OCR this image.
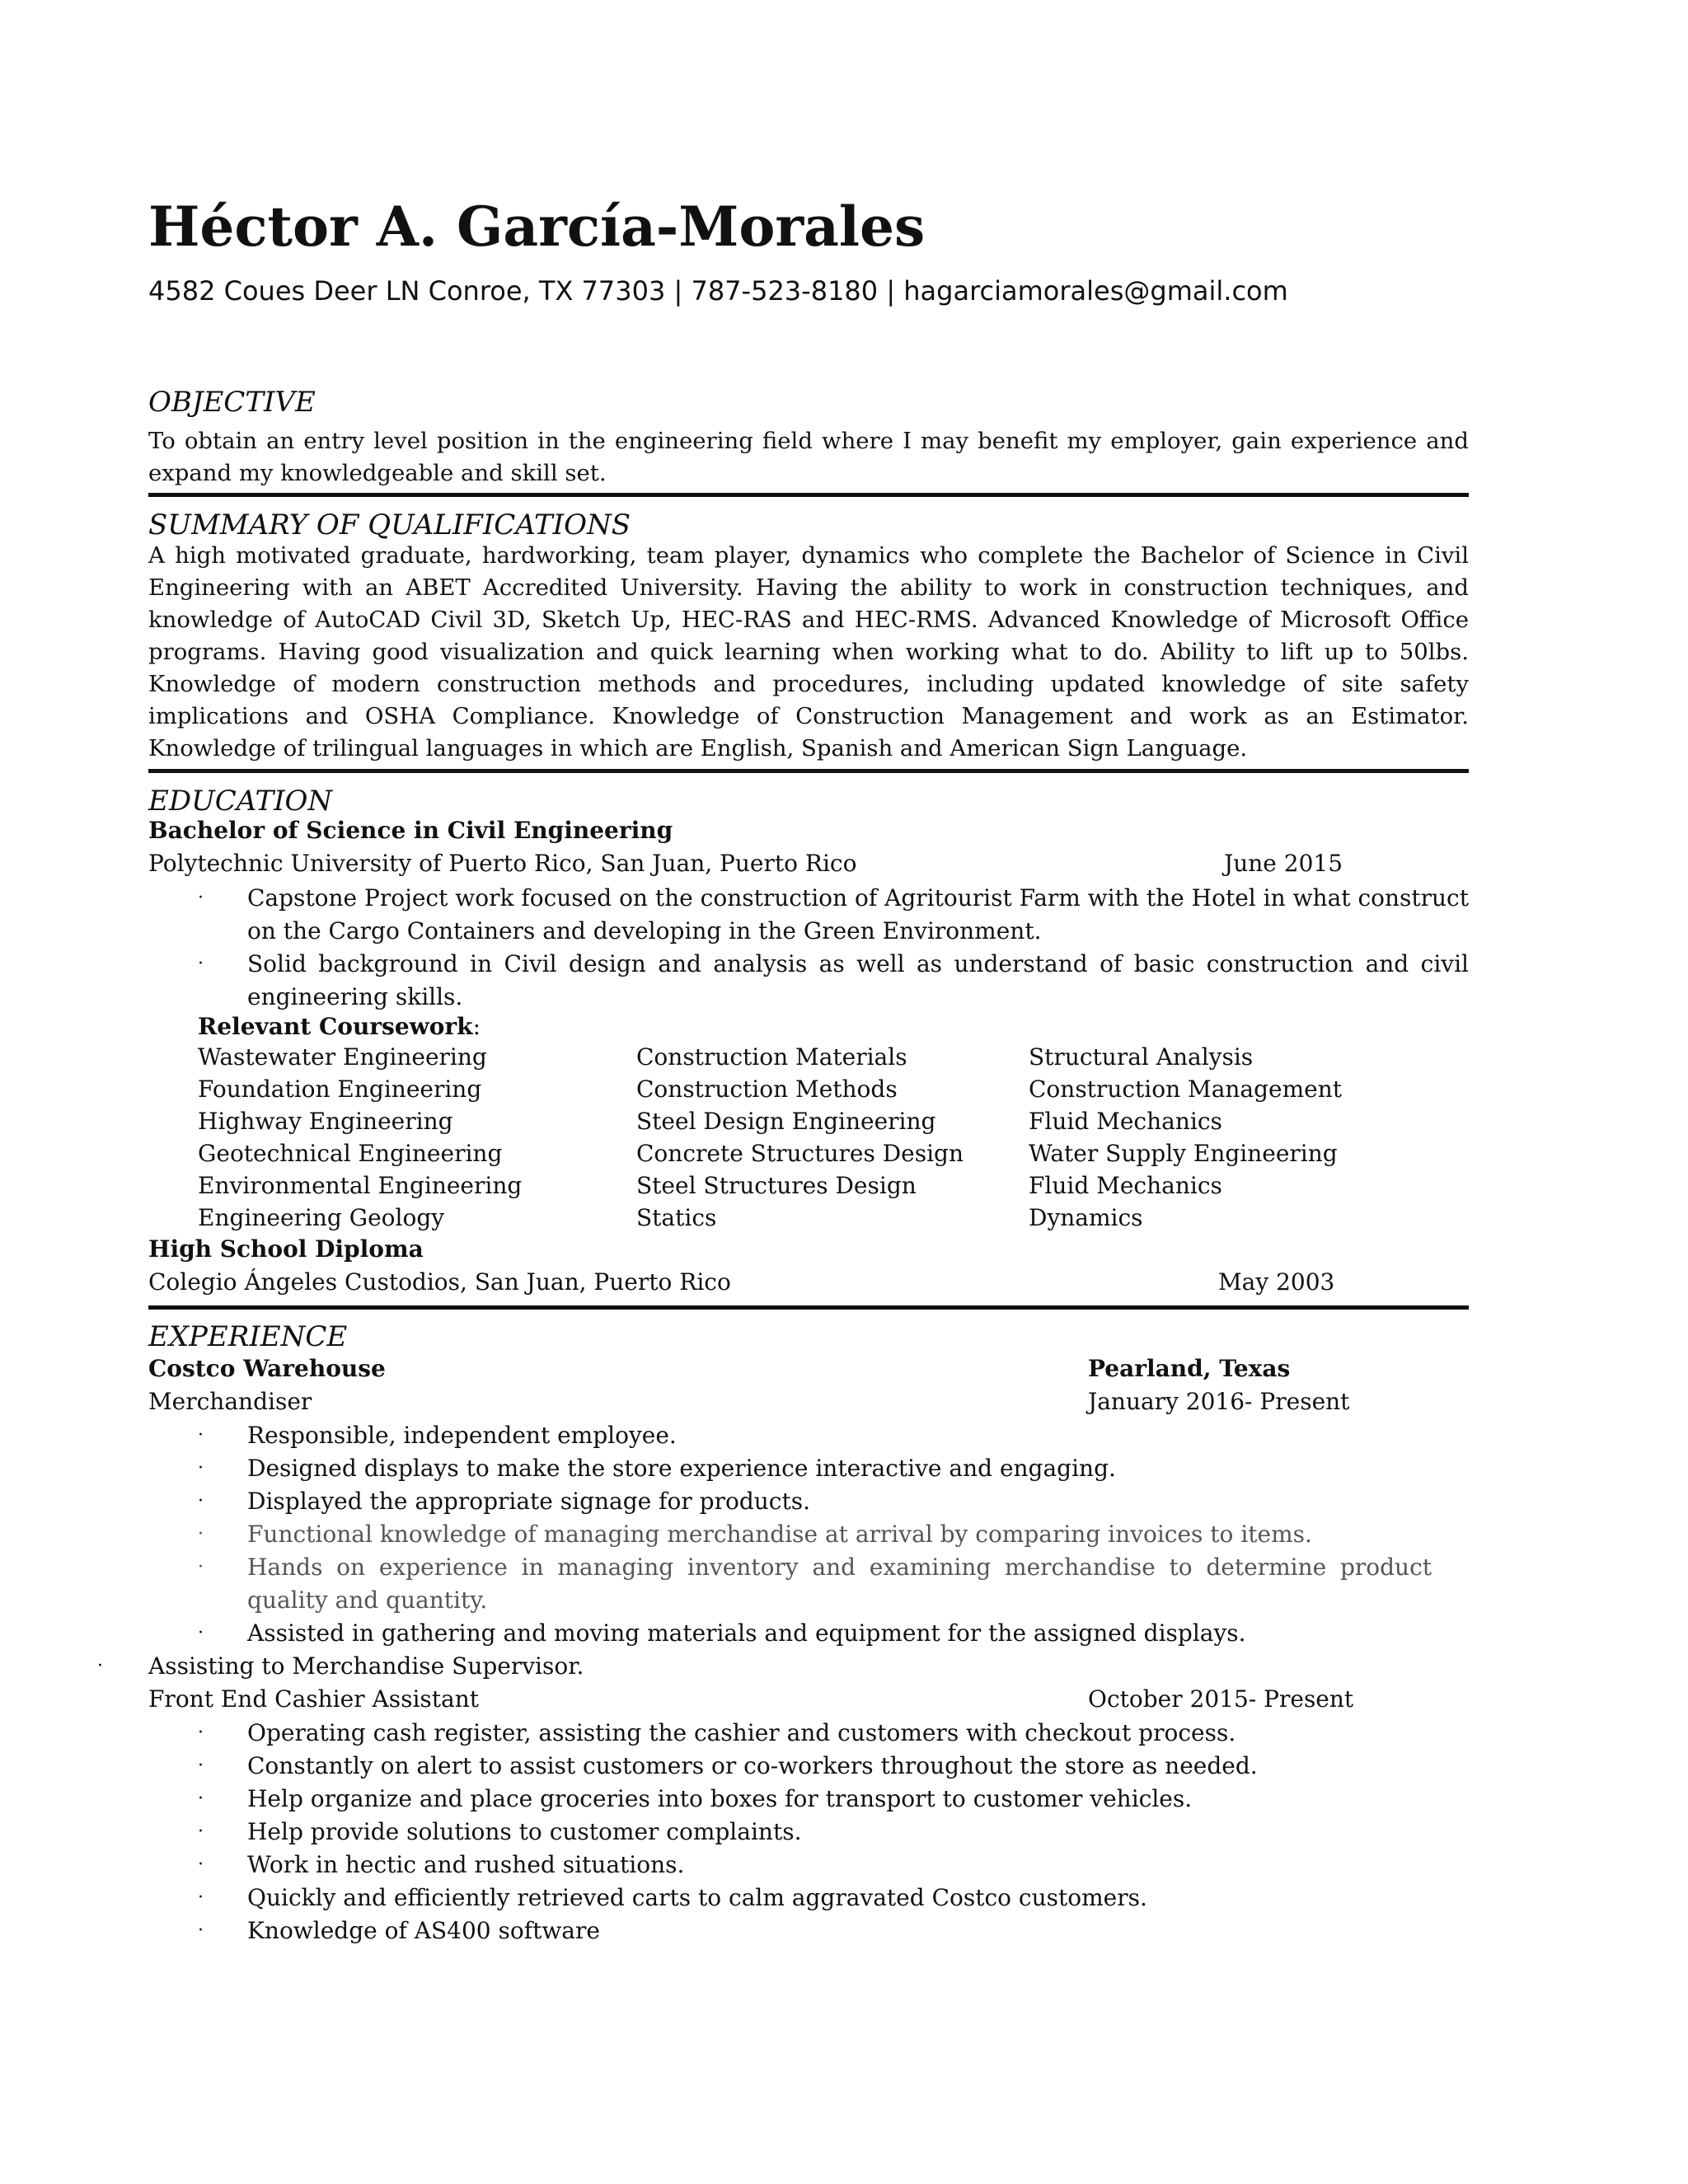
Héctor A. García-Morales
4582 Coues Deer LN Conroe, TX 77303 | 787-523-8180 | hagarciamorales@gmail.com
OBJECTIVE
To obtain an entry level position in the engineering field where I may benefit my employer, gain experience and expand my knowledgeable and skill set.
SUMMARY OF QUALIFICATIONS
A high motivated graduate, hardworking, team player, dynamics who complete the Bachelor of Science in Civil Engineering with an ABET Accredited University. Having the ability to work in construction techniques, and knowledge of AutoCAD Civil 3D, Sketch Up, HEC-RAS and HEC-RMS. Advanced Knowledge of Microsoft Office programs. Having good visualization and quick learning when working what to do. Ability to lift up to 50lbs. Knowledge of modern construction methods and procedures, including updated knowledge of site safety implications and OSHA Compliance. Knowledge of Construction Management and work as an Estimator. Knowledge of trilingual languages in which are English, Spanish and American Sign Language.
EDUCATION
Bachelor of Science in Civil Engineering
Polytechnic University of Puerto Rico, San Juan, Puerto Rico	June 2015
· Capstone Project work focused on the construction of Agritourist Farm with the Hotel in what construct on the Cargo Containers and developing in the Green Environment.
· Solid background in Civil design and analysis as well as understand of basic construction and civil engineering skills.
Relevant Coursework:
Wastewater Engineering	Construction Materials	Structural Analysis
Foundation Engineering	Construction Methods	Construction Management
Highway Engineering	Steel Design Engineering	Fluid Mechanics
Geotechnical Engineering	Concrete Structures Design	Water Supply Engineering
Environmental Engineering	Steel Structures Design	Fluid Mechanics
Engineering Geology	Statics	Dynamics
High School Diploma
Colegio Ángeles Custodios, San Juan, Puerto Rico	May 2003
EXPERIENCE
Costco Warehouse	Pearland, Texas
Merchandiser	January 2016- Present
· Responsible, independent employee.
· Designed displays to make the store experience interactive and engaging.
· Displayed the appropriate signage for products.
· Functional knowledge of managing merchandise at arrival by comparing invoices to items.
· Hands on experience in managing inventory and examining merchandise to determine product quality and quantity.
· Assisted in gathering and moving materials and equipment for the assigned displays.
· Assisting to Merchandise Supervisor.
Front End Cashier Assistant	October 2015- Present
· Operating cash register, assisting the cashier and customers with checkout process.
· Constantly on alert to assist customers or co-workers throughout the store as needed.
· Help organize and place groceries into boxes for transport to customer vehicles.
· Help provide solutions to customer complaints.
· Work in hectic and rushed situations.
· Quickly and efficiently retrieved carts to calm aggravated Costco customers.
· Knowledge of AS400 software
